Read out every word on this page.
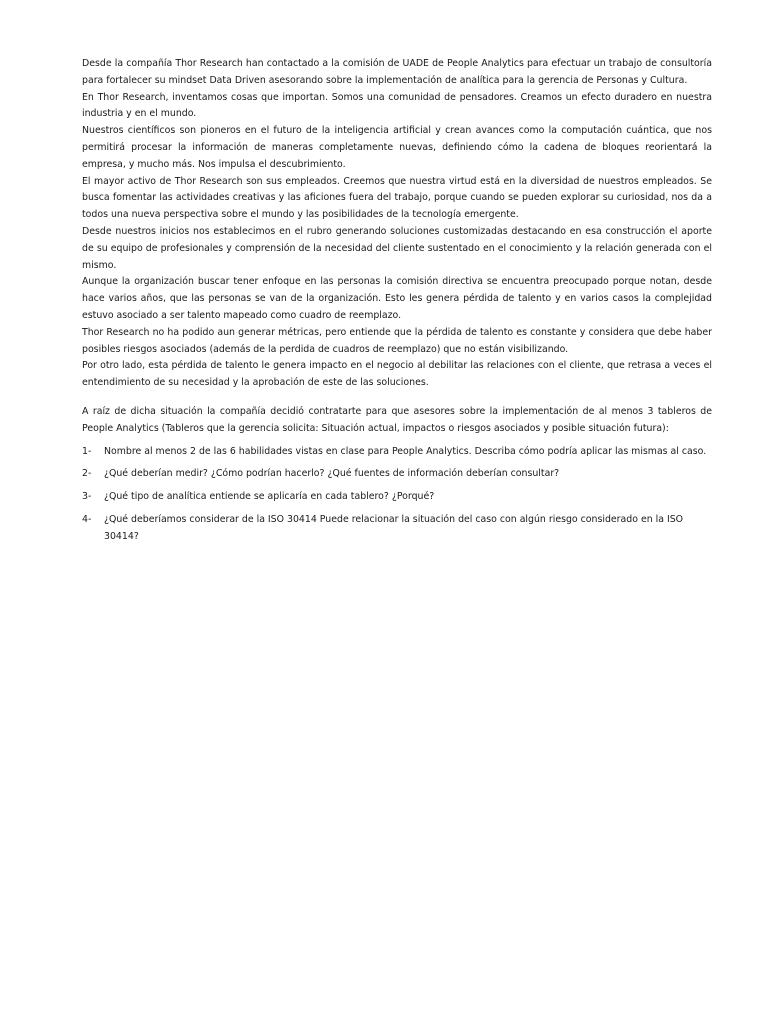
Desde la compañía Thor Research han contactado a la comisión de UADE de People Analytics para efectuar un trabajo de consultoría para fortalecer su mindset Data Driven asesorando sobre la implementación de analítica para la gerencia de Personas y Cultura.

En Thor Research, inventamos cosas que importan. Somos una comunidad de pensadores. Creamos un efecto duradero en nuestra industria y en el mundo.

Nuestros científicos son pioneros en el futuro de la inteligencia artificial y crean avances como la computación cuántica, que nos permitirá procesar la información de maneras completamente nuevas, definiendo cómo la cadena de bloques reorientará la empresa, y mucho más. Nos impulsa el descubrimiento.

El mayor activo de Thor Research son sus empleados. Creemos que nuestra virtud está en la diversidad de nuestros empleados. Se busca fomentar las actividades creativas y las aficiones fuera del trabajo, porque cuando se pueden explorar su curiosidad, nos da a todos una nueva perspectiva sobre el mundo y las posibilidades de la tecnología emergente.

Desde nuestros inicios nos establecimos en el rubro generando soluciones customizadas destacando en esa construcción el aporte de su equipo de profesionales y comprensión de la necesidad del cliente sustentado en el conocimiento y la relación generada con el mismo.

Aunque la organización buscar tener enfoque en las personas la comisión directiva se encuentra preocupado porque notan, desde hace varios años, que las personas se van de la organización. Esto les genera pérdida de talento y en varios casos la complejidad estuvo asociado a ser talento mapeado como cuadro de reemplazo.

Thor Research no ha podido aun generar métricas, pero entiende que la pérdida de talento es constante y considera que debe haber posibles riesgos asociados (además de la perdida de cuadros de reemplazo) que no están visibilizando.

Por otro lado, esta pérdida de talento le genera impacto en el negocio al debilitar las relaciones con el cliente, que retrasa a veces el entendimiento de su necesidad y la aprobación de este de las soluciones.

A raíz de dicha situación la compañía decidió contratarte para que asesores sobre la implementación de al menos 3 tableros de People Analytics (Tableros que la gerencia solicita: Situación actual, impactos o riesgos asociados y posible situación futura):

1-	Nombre al menos 2 de las 6 habilidades vistas en clase para People Analytics. Describa cómo podría aplicar las mismas al caso.
2-	¿Qué deberían medir? ¿Cómo podrían hacerlo? ¿Qué fuentes de información deberían consultar?
3-	¿Qué tipo de analítica entiende se aplicaría en cada tablero? ¿Porqué?
4-	¿Qué deberíamos considerar de la ISO 30414 Puede relacionar la situación del caso con algún riesgo considerado en la ISO 30414?
